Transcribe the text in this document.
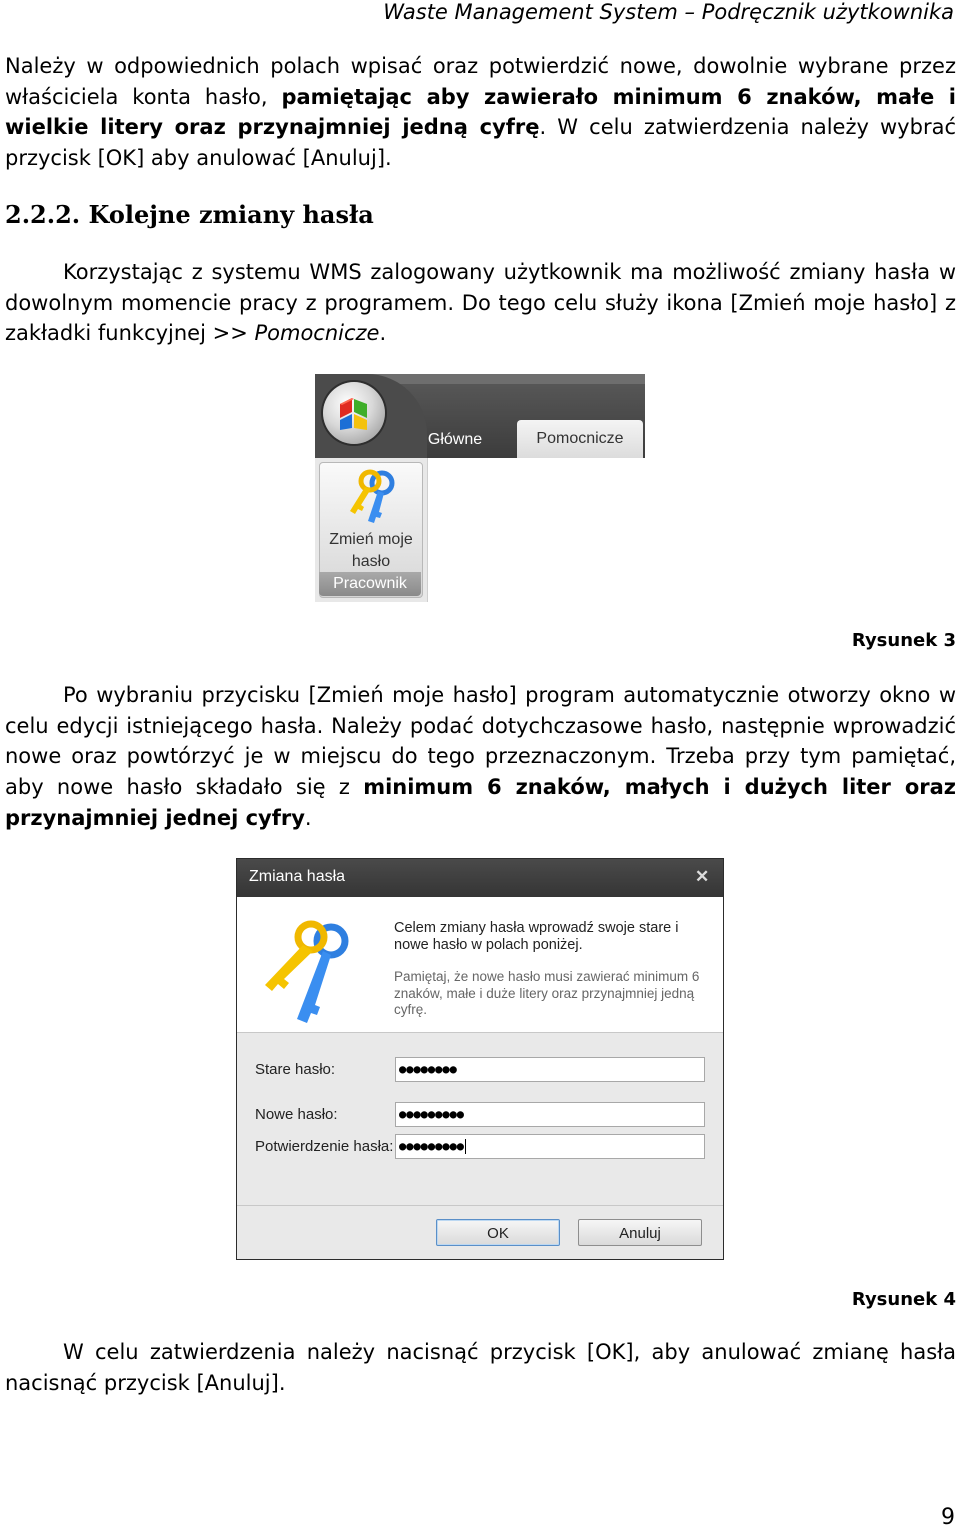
Waste Management System – Podręcznik użytkownika
Należy w odpowiednich polach wpisać oraz potwierdzić nowe, dowolnie wybrane przez właściciela konta hasło, pamiętając aby zawierało minimum 6 znaków, małe i wielkie litery oraz przynajmniej jedną cyfrę. W celu zatwierdzenia należy wybrać przycisk [OK] aby anulować [Anuluj].
2.2.2. Kolejne zmiany hasła
Korzystając z systemu WMS zalogowany użytkownik ma możliwość zmiany hasła w dowolnym momencie pracy z programem. Do tego celu służy ikona [Zmień moje hasło] z zakładki funkcyjnej >> Pomocnicze.
Główne	Pomocnicze
Zmień moje
hasło
Pracownik
Rysunek 3
Po wybraniu przycisku [Zmień moje hasło] program automatycznie otworzy okno w celu edycji istniejącego hasła. Należy podać dotychczasowe hasło, następnie wprowadzić nowe oraz powtórzyć je w miejscu do tego przeznaczonym. Trzeba przy tym pamiętać, aby nowe hasło składało się z minimum 6 znaków, małych i dużych liter oraz przynajmniej jednej cyfry.
Zmiana hasła	✕
Celem zmiany hasła wprowadź swoje stare i nowe hasło w polach poniżej.
Pamiętaj, że nowe hasło musi zawierać minimum 6 znaków, małe i duże litery oraz przynajmniej jedną cyfrę.
Stare hasło:	●●●●●●●●
Nowe hasło:	●●●●●●●●●
Potwierdzenie hasła: ●●●●●●●●●
OK	Anuluj
Rysunek 4
W celu zatwierdzenia należy nacisnąć przycisk [OK], aby anulować zmianę hasła nacisnąć przycisk [Anuluj].
9
